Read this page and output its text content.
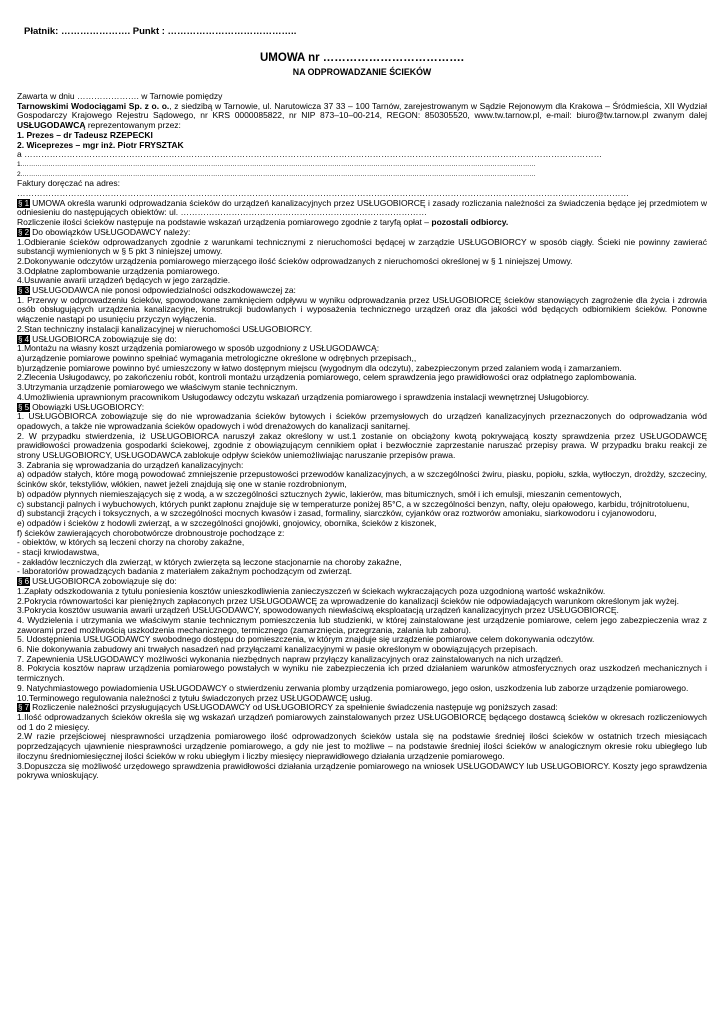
Płatnik: …………………. Punkt : …………………………………..
UMOWA nr ……………………………….
NA ODPROWADZANIE ŚCIEKÓW

Zawarta w dniu …………………. w Tarnowie pomiędzy

Tarnowskimi Wodociągami Sp. z o. o., z siedzibą w Tarnowie, ul. Narutowicza 37 33 – 100 Tarnów, zarejestrowanym w Sądzie Rejonowym dla Krakowa – Śródmieścia, XII Wydział Gospodarczy Krajowego Rejestru Sądowego, nr KRS 0000085822, nr NIP 873–10–00-214, REGON: 850305520, www.tw.tarnow.pl, e-mail: biuro@tw.tarnow.pl zwanym dalej USŁUGODAWCĄ reprezentowanym przez:

1. Prezes – dr Tadeusz RZEPECKI

2. Wiceprezes – mgr inż. Piotr FRYSZTAK

a ……………………………………………………………………………………………………………………………………………………………………………………

1.…………………………………………………………………………………………………………………………………………………………………………………………………………………

2.…………………………………………………………………………………………………………………………………………………………………………………………………………………

Faktury doręczać na adres:

………………………………………………………………………………………………………………………………………………………………………………………………

§ 1 UMOWA określa warunki odprowadzania ścieków do urządzeń kanalizacyjnych przez USŁUGOBIORCĘ i zasady rozliczania należności za świadczenia będące jej przedmiotem w odniesieniu do następujących obiektów: ul. ……………………………………………………………………………

Rozliczenie ilości ścieków następuje na podstawie wskazań urządzenia pomiarowego zgodnie z taryfą opłat – pozostali odbiorcy.

§ 2 Do obowiązków USŁUGODAWCY należy:

1.Odbieranie ścieków odprowadzanych zgodnie z warunkami technicznymi z nieruchomości będącej w zarządzie USŁUGOBIORCY w sposób ciągły. Ścieki nie powinny zawierać substancji wymienionych w § 5 pkt 3 niniejszej umowy.

2.Dokonywanie odczytów urządzenia pomiarowego mierzącego ilość ścieków odprowadzanych z nieruchomości określonej w § 1 niniejszej Umowy.

3.Odpłatne zaplombowanie urządzenia pomiarowego.

4.Usuwanie awarii urządzeń będących w jego zarządzie.

§ 3 USŁUGODAWCA nie ponosi odpowiedzialności odszkodowawczej za:

1. Przerwy w odprowadzeniu ścieków, spowodowane zamknięciem odpływu w wyniku odprowadzania przez USŁUGOBIORCĘ ścieków stanowiących zagrożenie dla życia i zdrowia osób obsługujących urządzenia kanalizacyjne, konstrukcji budowlanych i wyposażenia technicznego urządzeń oraz dla jakości wód będących odbiornikiem ścieków. Ponowne włączenie nastąpi po usunięciu przyczyn wyłączenia.

2.Stan techniczny instalacji kanalizacyjnej w nieruchomości USŁUGOBIORCY.

§ 4 USŁUGOBIORCA zobowiązuje się do:

1.Montażu na własny koszt urządzenia pomiarowego w sposób uzgodniony z USŁUGODAWCĄ:

a)urządzenie pomiarowe powinno spełniać wymagania metrologiczne określone w odrębnych przepisach,,

b)urządzenie pomiarowe powinno być umieszczony w łatwo dostępnym miejscu (wygodnym dla odczytu), zabezpieczonym przed zalaniem wodą i zamarzaniem.

2.Zlecenia Usługodawcy, po zakończeniu robót, kontroli montażu urządzenia pomiarowego, celem sprawdzenia jego prawidłowości oraz odpłatnego zaplombowania.

3.Utrzymania urządzenie pomiarowego we właściwym stanie technicznym.

4.Umożliwienia uprawnionym pracownikom Usługodawcy odczytu wskazań urządzenia pomiarowego i sprawdzenia instalacji wewnętrznej Usługobiorcy.

§ 5 Obowiązki USŁUGOBIORCY:

1. USŁUGOBIORCA zobowiązuje się do nie wprowadzania ścieków bytowych i ścieków przemysłowych do urządzeń kanalizacyjnych przeznaczonych do odprowadzania wód opadowych, a także nie wprowadzania ścieków opadowych i wód drenażowych do kanalizacji sanitarnej.

2. W przypadku stwierdzenia, iż USŁUGOBIORCA naruszył zakaz określony w ust.1 zostanie on obciążony kwotą pokrywającą koszty sprawdzenia przez USŁUGODAWCĘ prawidłowości prowadzenia gospodarki ściekowej, zgodnie z obowiązującym cennikiem opłat i bezwłocznie zaprzestanie naruszać przepisy prawa. W przypadku braku reakcji ze strony USŁUGOBIORCY, USŁUGODAWCA zablokuje odpływ ścieków uniemożliwiając naruszanie przepisów prawa.

3. Zabrania się wprowadzania do urządzeń kanalizacyjnych:

a) odpadów stałych, które mogą powodować zmniejszenie przepustowości przewodów kanalizacyjnych, a w szczególności żwiru, piasku, popiołu, szkła, wytłoczyn, drożdży, szczeciny, ścinków skór, tekstyliów, włókien, nawet jeżeli znajdują się one w stanie rozdrobnionym,

b) odpadów płynnych niemieszających się z wodą, a w szczególności sztucznych żywic, lakierów, mas bitumicznych, smół i ich emulsji, mieszanin cementowych,

c) substancji palnych i wybuchowych, których punkt zapłonu znajduje się w temperaturze poniżej 85°C, a w szczególności benzyn, nafty, oleju opałowego, karbidu, trójnitrotoluenu,

d) substancji żrących i toksycznych, a w szczególności mocnych kwasów i zasad, formaliny, siarczków, cyjanków oraz roztworów amoniaku, siarkowodoru i cyjanowodoru,

e) odpadów i ścieków z hodowli zwierząt, a w szczególności gnojówki, gnojowicy, obornika, ścieków z kiszonek,

f) ścieków zawierających chorobotwórcze drobnoustroje pochodzące z:

- obiektów, w których są leczeni chorzy na choroby zakaźne,

- stacji krwiodawstwa,

- zakładów leczniczych dla zwierząt, w których zwierzęta są leczone stacjonarnie na choroby zakaźne,

- laboratoriów prowadzących badania z materiałem zakaźnym pochodzącym od zwierząt.

§ 6 USŁUGOBIORCA zobowiązuje się do:

1.Zapłaty odszkodowania z tytułu poniesienia kosztów unieszkodliwienia zanieczyszczeń w ściekach wykraczających poza uzgodnioną wartość wskaźników.

2.Pokrycia równowartości kar pieniężnych zapłaconych przez USŁUGODAWCĘ za wprowadzenie do kanalizacji ścieków nie odpowiadających warunkom określonym jak wyżej.

3.Pokrycia kosztów usuwania awarii urządzeń USŁUGODAWCY, spowodowanych niewłaściwą eksploatacją urządzeń kanalizacyjnych przez USŁUGOBIORCĘ.

4. Wydzielenia i utrzymania we właściwym stanie technicznym pomieszczenia lub studzienki, w której zainstalowane jest urządzenie pomiarowe, celem jego zabezpieczenia wraz z zaworami przed możliwością uszkodzenia mechanicznego, termicznego (zamarznięcia, przegrzania, zalania lub zaboru).

5. Udostępnienia USŁUGODAWCY swobodnego dostępu do pomieszczenia, w którym znajduje się urządzenie pomiarowe celem dokonywania odczytów.

6. Nie dokonywania zabudowy ani trwałych nasadzeń nad przyłączami kanalizacyjnymi w pasie określonym w obowiązujących przepisach.

7. Zapewnienia USŁUGODAWCY możliwości wykonania niezbędnych napraw przyłączy kanalizacyjnych oraz zainstalowanych na nich urządzeń.

8. Pokrycia kosztów napraw urządzenia pomiarowego powstałych w wyniku nie zabezpieczenia ich przed działaniem warunków atmosferycznych oraz uszkodzeń mechanicznych i termicznych.

9. Natychmiastowego powiadomienia USŁUGODAWCY o stwierdzeniu zerwania plomby urządzenia pomiarowego, jego osłon, uszkodzenia lub zaborze urządzenie pomiarowego.

10.Terminowego regulowania należności z tytułu świadczonych przez USŁUGODAWCĘ usług.

§ 7 Rozliczenie należności przysługujących USŁUGODAWCY od USŁUGOBIORCY za spełnienie świadczenia następuje wg poniższych zasad:

1.Ilość odprowadzanych ścieków określa się wg wskazań urządzeń pomiarowych zainstalowanych przez USŁUGOBIORCĘ będącego dostawcą ścieków w okresach rozliczeniowych od 1 do 2 miesięcy.

2.W razie przejściowej niesprawności urządzenia pomiarowego ilość odprowadzonych ścieków ustala się na podstawie średniej ilości ścieków w ostatnich trzech miesiącach poprzedzających ujawnienie niesprawności urządzenie pomiarowego, a gdy nie jest to możliwe – na podstawie średniej ilości ścieków w analogicznym okresie roku ubiegłego lub iloczynu średniomiesięcznej ilości ścieków w roku ubiegłym i liczby miesięcy nieprawidłowego działania urządzenie pomiarowego.

3.Dopuszcza się możliwość urzędowego sprawdzenia prawidłowości działania urządzenie pomiarowego na wniosek USŁUGODAWCY lub USŁUGOBIORCY. Koszty jego sprawdzenia pokrywa wnioskujący.
